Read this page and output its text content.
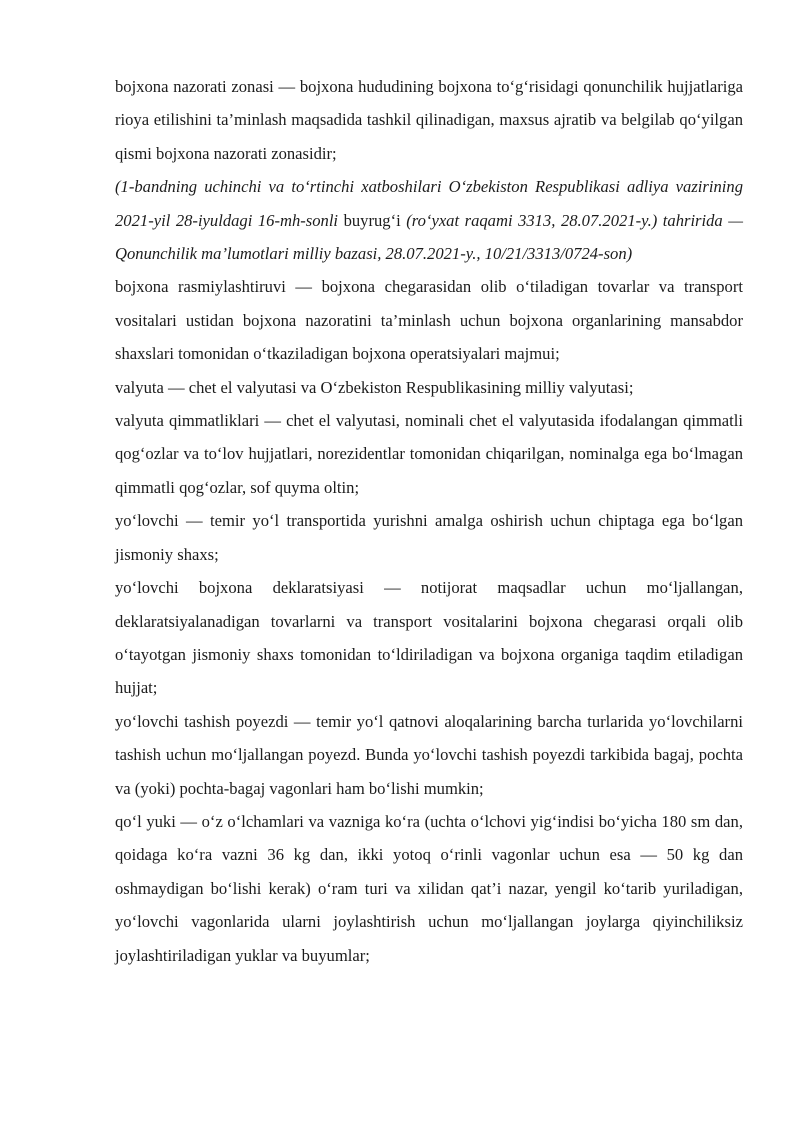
bojxona nazorati zonasi — bojxona hududining bojxona to‘g‘risidagi qonunchilik hujjatlariga rioya etilishini ta’minlash maqsadida tashkil qilinadigan, maxsus ajratib va belgilab qo‘yilgan qismi bojxona nazorati zonasidir;

(1-bandning uchinchi va to‘rtinchi xatboshilari O‘zbekiston Respublikasi adliya vazirining 2021-yil 28-iyuldagi 16-mh-sonli buyrug‘i (ro‘yxat raqami 3313, 28.07.2021-y.) tahririda — Qonunchilik ma’lumotlari milliy bazasi, 28.07.2021-y., 10/21/3313/0724-son)

bojxona rasmiylashtiruvi — bojxona chegarasidan olib o‘tiladigan tovarlar va transport vositalari ustidan bojxona nazoratini ta’minlash uchun bojxona organlarining mansabdor shaxslari tomonidan o‘tkaziladigan bojxona operatsiyalari majmui;

valyuta — chet el valyutasi va O‘zbekiston Respublikasining milliy valyutasi;

valyuta qimmatliklari — chet el valyutasi, nominali chet el valyutasida ifodalangan qimmatli qog‘ozlar va to‘lov hujjatlari, norezidentlar tomonidan chiqarilgan, nominalga ega bo‘lmagan qimmatli qog‘ozlar, sof quyma oltin;

yo‘lovchi — temir yo‘l transportida yurishni amalga oshirish uchun chiptaga ega bo‘lgan jismoniy shaxs;

yo‘lovchi bojxona deklaratsiyasi — notijorat maqsadlar uchun mo‘ljallangan, deklaratsiyalanadigan tovarlarni va transport vositalarini bojxona chegarasi orqali olib o‘tayotgan jismoniy shaxs tomonidan to‘ldiriladigan va bojxona organiga taqdim etiladigan hujjat;

yo‘lovchi tashish poyezdi — temir yo‘l qatnovi aloqalarining barcha turlarida yo‘lovchilarni tashish uchun mo‘ljallangan poyezd. Bunda yo‘lovchi tashish poyezdi tarkibida bagaj, pochta va (yoki) pochta-bagaj vagonlari ham bo‘lishi mumkin;

qo‘l yuki — o‘z o‘lchamlari va vazniga ko‘ra (uchta o‘lchovi yig‘indisi bo‘yicha 180 sm dan, qoidaga ko‘ra vazni 36 kg dan, ikki yotoq o‘rinli vagonlar uchun esa — 50 kg dan oshmaydigan bo‘lishi kerak) o‘ram turi va xilidan qat’i nazar, yengil ko‘tarib yuriladigan, yo‘lovchi vagonlarida ularni joylashtirish uchun mo‘ljallangan joylarga qiyinchiliksiz joylashtiriladigan yuklar va buyumlar;
